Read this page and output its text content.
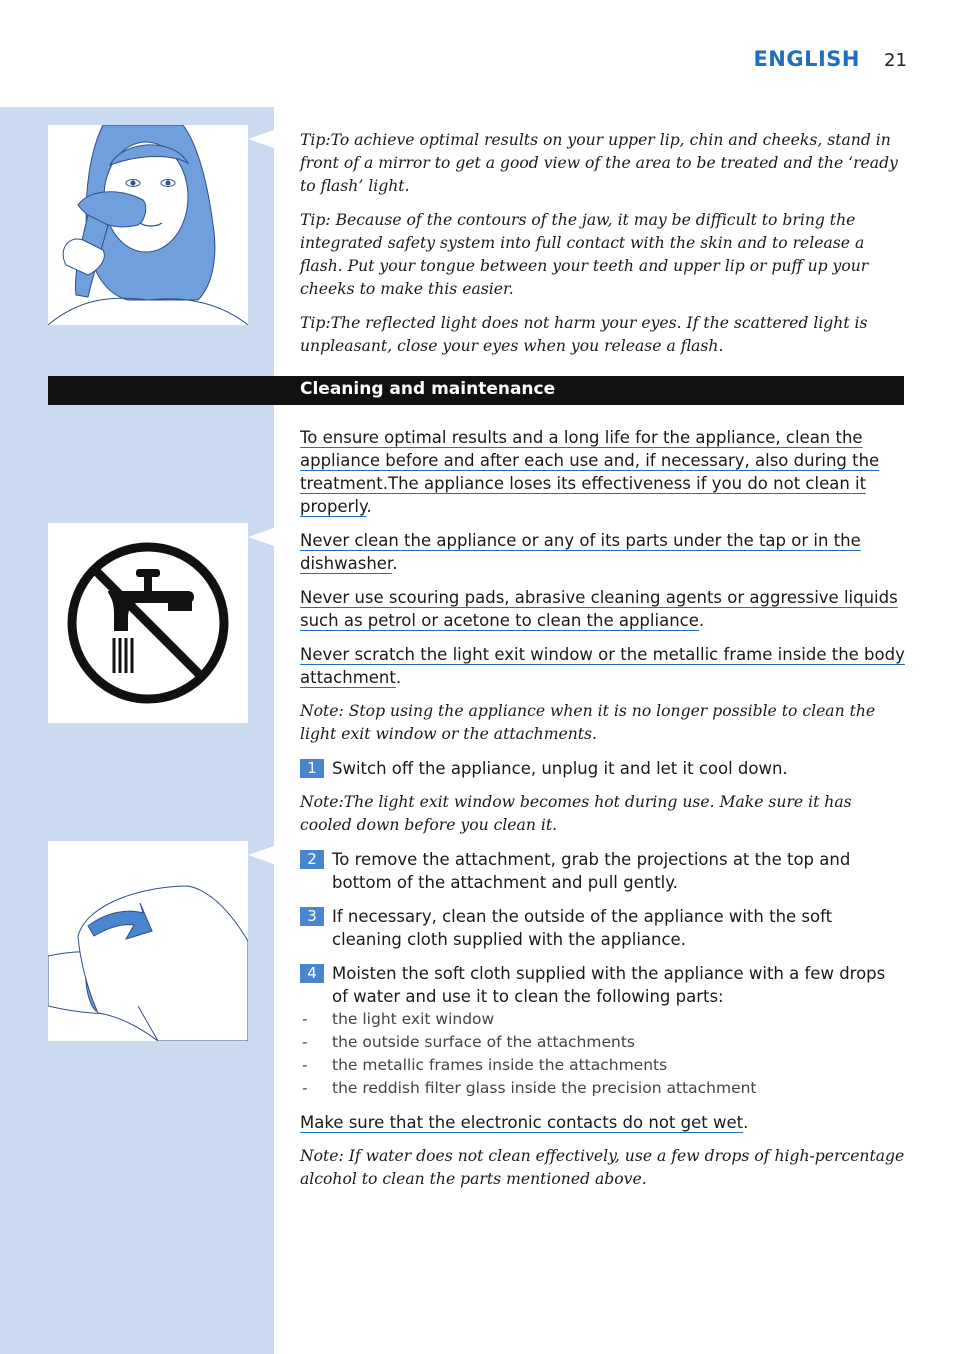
ENGLISH 21

Tip:To achieve optimal results on your upper lip, chin and cheeks, stand in front of a mirror to get a good view of the area to be treated and the ‘ready to flash’ light.

Tip: Because of the contours of the jaw, it may be difficult to bring the integrated safety system into full contact with the skin and to release a flash. Put your tongue between your teeth and upper lip or puff up your cheeks to make this easier.

Tip:The reflected light does not harm your eyes. If the scattered light is unpleasant, close your eyes when you release a flash.

Cleaning and maintenance

To ensure optimal results and a long life for the appliance, clean the appliance before and after each use and, if necessary, also during the treatment.The appliance loses its effectiveness if you do not clean it properly.

Never clean the appliance or any of its parts under the tap or in the dishwasher.

Never use scouring pads, abrasive cleaning agents or aggressive liquids such as petrol or acetone to clean the appliance.

Never scratch the light exit window or the metallic frame inside the body attachment.

Note: Stop using the appliance when it is no longer possible to clean the light exit window or the attachments.

1 Switch off the appliance, unplug it and let it cool down.

Note:The light exit window becomes hot during use. Make sure it has cooled down before you clean it.

2 To remove the attachment, grab the projections at the top and bottom of the attachment and pull gently.

3 If necessary, clean the outside of the appliance with the soft cleaning cloth supplied with the appliance.

4 Moisten the soft cloth supplied with the appliance with a few drops of water and use it to clean the following parts:

- the light exit window
- the outside surface of the attachments
- the metallic frames inside the attachments
- the reddish filter glass inside the precision attachment

Make sure that the electronic contacts do not get wet.

Note: If water does not clean effectively, use a few drops of high-percentage alcohol to clean the parts mentioned above.
